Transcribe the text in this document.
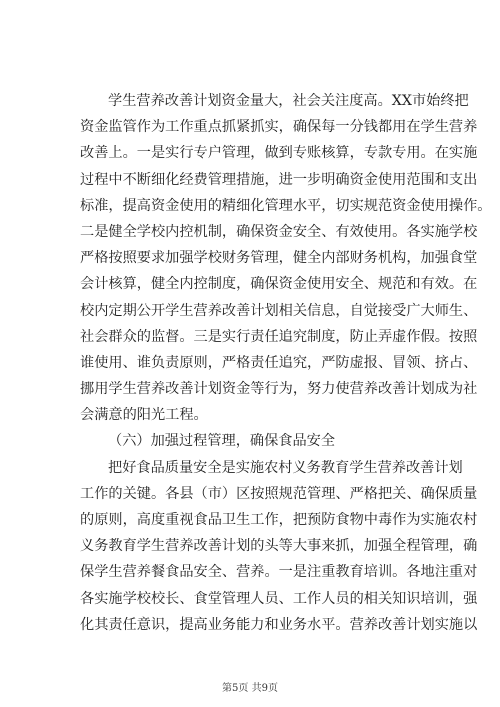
学生营养改善计划资金量大，社会关注度高。XX市始终把
资金监管作为工作重点抓紧抓实，确保每一分钱都用在学生营养
改善上。一是实行专户管理，做到专账核算，专款专用。在实施
过程中不断细化经费管理措施，进一步明确资金使用范围和支出
标准，提高资金使用的精细化管理水平，切实规范资金使用操作。
二是健全学校内控机制，确保资金安全、有效使用。各实施学校
严格按照要求加强学校财务管理，健全内部财务机构，加强食堂
会计核算，健全内控制度，确保资金使用安全、规范和有效。在
校内定期公开学生营养改善计划相关信息，自觉接受广大师生、
社会群众的监督。三是实行责任追究制度，防止弄虚作假。按照
谁使用、谁负责原则，严格责任追究，严防虚报、冒领、挤占、
挪用学生营养改善计划资金等行为，努力使营养改善计划成为社
会满意的阳光工程。
（六）加强过程管理，确保食品安全
把好食品质量安全是实施农村义务教育学生营养改善计划
工作的关键。各县（市）区按照规范管理、严格把关、确保质量
的原则，高度重视食品卫生工作，把预防食物中毒作为实施农村
义务教育学生营养改善计划的头等大事来抓，加强全程管理，确
保学生营养餐食品安全、营养。一是注重教育培训。各地注重对
各实施学校校长、食堂管理人员、工作人员的相关知识培训，强
化其责任意识，提高业务能力和业务水平。营养改善计划实施以
第5页 共9页
